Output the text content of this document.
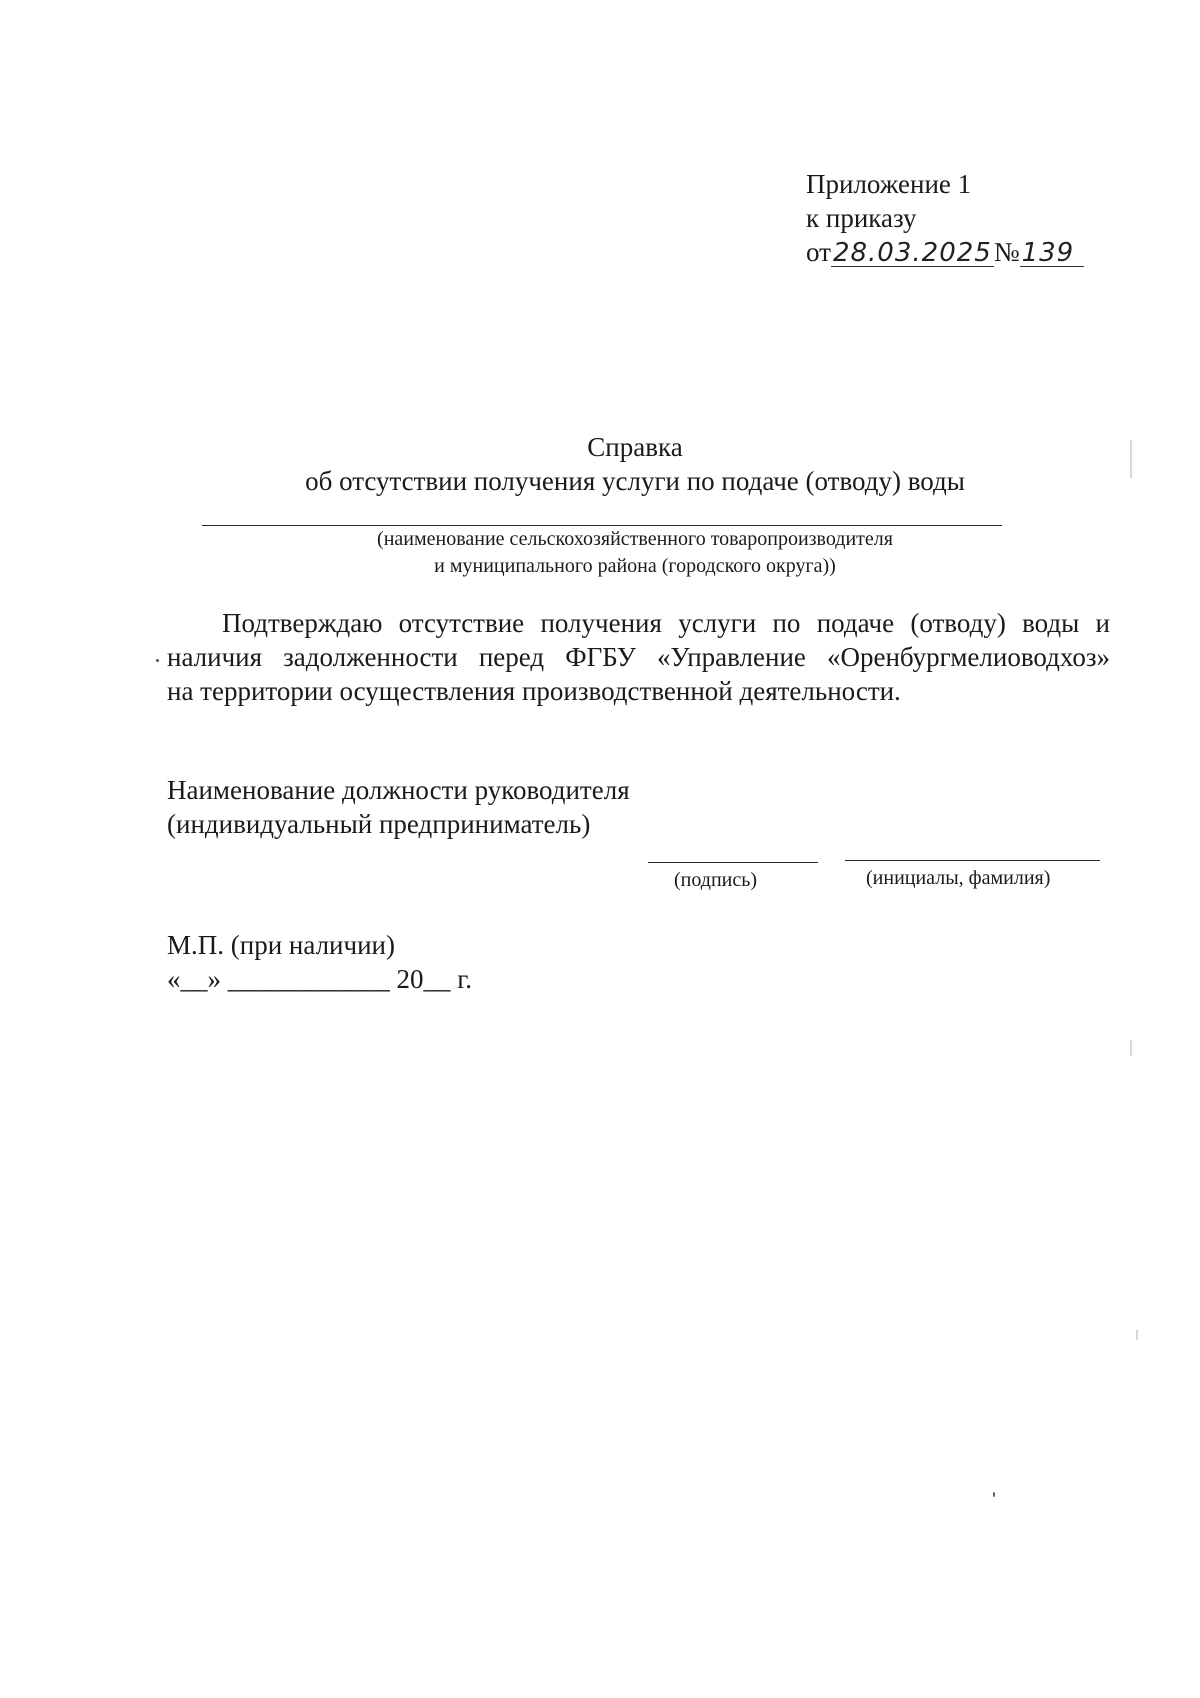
Приложение 1
к приказу
от28.03.2025№139
Справка
об отсутствии получения услуги по подаче (отводу) воды
(наименование сельскохозяйственного товаропроизводителя
и муниципального района (городского округа))
Подтверждаю отсутствие получения услуги по подаче (отводу) воды и
наличия задолженности перед ФГБУ «Управление «Оренбургмелиоводхоз»
на территории осуществления производственной деятельности.
Наименование должности руководителя
(индивидуальный предприниматель)
(подпись)	(инициалы, фамилия)
М.П. (при наличии)
«__» ____________ 20__ г.
